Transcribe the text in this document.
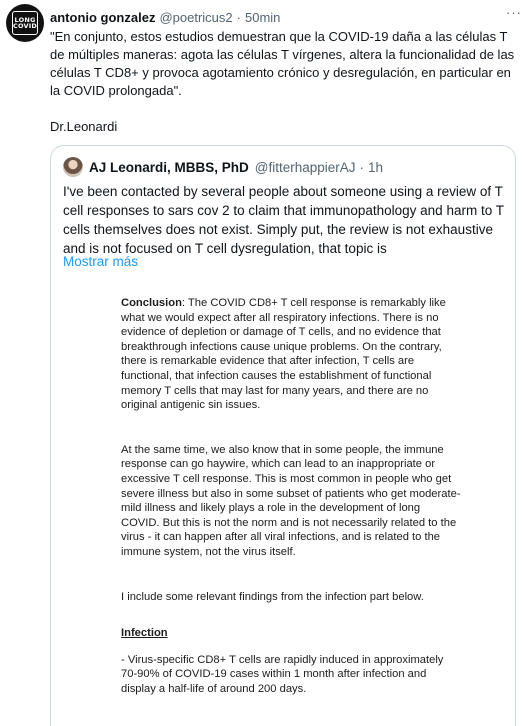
LONG
COVID
antonio gonzalez @poetricus2 · 50min	···

"En conjunto, estos estudios demuestran que la COVID-19 daña a las células T de múltiples maneras: agota las células T vírgenes, altera la funcionalidad de las células T CD8+ y provoca agotamiento crónico y desregulación, en particular en la COVID prolongada".

Dr.Leonardi
AJ Leonardi, MBBS, PhD @fitterhappierAJ · 1h
I've been contacted by several people about someone using a review of T cell responses to sars cov 2 to claim that immunopathology and harm to T cells themselves does not exist. Simply put, the review is not exhaustive and is not focused on T cell dysregulation, that topic is
Mostrar más

Conclusion: The COVID CD8+ T cell response is remarkably like what we would expect after all respiratory infections. There is no evidence of depletion or damage of T cells, and no evidence that breakthrough infections cause unique problems. On the contrary, there is remarkable evidence that after infection, T cells are functional, that infection causes the establishment of functional memory T cells that may last for many years, and there are no original antigenic sin issues.

At the same time, we also know that in some people, the immune response can go haywire, which can lead to an inappropriate or excessive T cell response. This is most common in people who get severe illness but also in some subset of patients who get moderate-mild illness and likely plays a role in the development of long COVID. But this is not the norm and is not necessarily related to the virus - it can happen after all viral infections, and is related to the immune system, not the virus itself.

I include some relevant findings from the infection part below.

Infection

- Virus-specific CD8+ T cells are rapidly induced in approximately 70-90% of COVID-19 cases within 1 month after infection and display a half-life of around 200 days.
